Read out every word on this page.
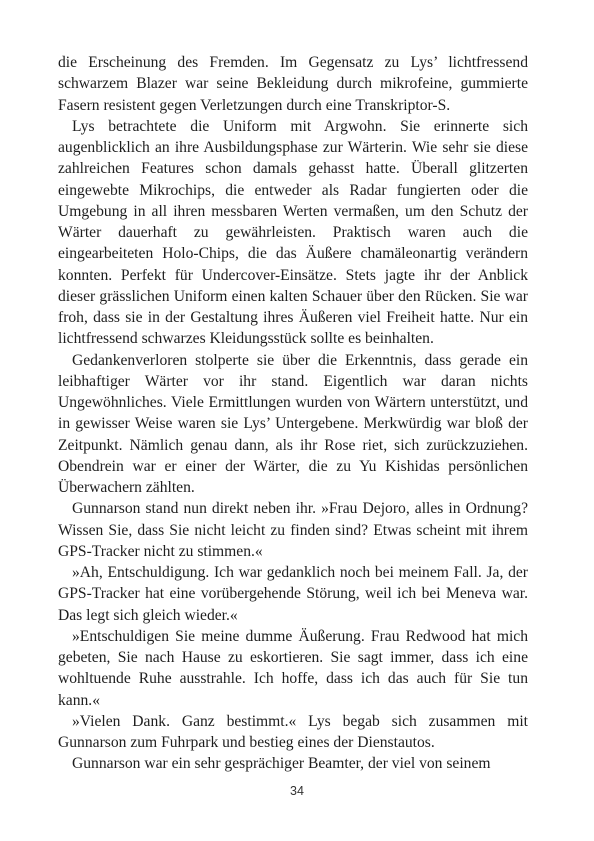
die Erscheinung des Fremden. Im Gegensatz zu Lys’ lichtfressend schwarzem Blazer war seine Bekleidung durch mikrofeine, gummierte Fasern resistent gegen Verletzungen durch eine Transkriptor-S.

Lys betrachtete die Uniform mit Argwohn. Sie erinnerte sich augenblicklich an ihre Ausbildungsphase zur Wärterin. Wie sehr sie diese zahlreichen Features schon damals gehasst hatte. Überall glitzerten eingewebte Mikrochips, die entweder als Radar fungierten oder die Umgebung in all ihren messbaren Werten vermaßen, um den Schutz der Wärter dauerhaft zu gewährleisten. Praktisch waren auch die eingearbeiteten Holo-Chips, die das Äußere chamäleonartig verändern konnten. Perfekt für Undercover-Einsätze. Stets jagte ihr der Anblick dieser grässlichen Uniform einen kalten Schauer über den Rücken. Sie war froh, dass sie in der Gestaltung ihres Äußeren viel Freiheit hatte. Nur ein lichtfressend schwarzes Kleidungsstück sollte es beinhalten.

Gedankenverloren stolperte sie über die Erkenntnis, dass gerade ein leibhaftiger Wärter vor ihr stand. Eigentlich war daran nichts Ungewöhnliches. Viele Ermittlungen wurden von Wärtern unterstützt, und in gewisser Weise waren sie Lys’ Untergebene. Merkwürdig war bloß der Zeitpunkt. Nämlich genau dann, als ihr Rose riet, sich zurückzuziehen. Obendrein war er einer der Wärter, die zu Yu Kishidas persönlichen Überwachern zählten.

Gunnarson stand nun direkt neben ihr. »Frau Dejoro, alles in Ordnung? Wissen Sie, dass Sie nicht leicht zu finden sind? Etwas scheint mit ihrem GPS-Tracker nicht zu stimmen.«

»Ah, Entschuldigung. Ich war gedanklich noch bei meinem Fall. Ja, der GPS-Tracker hat eine vorübergehende Störung, weil ich bei Meneva war. Das legt sich gleich wieder.«

»Entschuldigen Sie meine dumme Äußerung. Frau Redwood hat mich gebeten, Sie nach Hause zu eskortieren. Sie sagt immer, dass ich eine wohltuende Ruhe ausstrahle. Ich hoffe, dass ich das auch für Sie tun kann.«

»Vielen Dank. Ganz bestimmt.« Lys begab sich zusammen mit Gunnarson zum Fuhrpark und bestieg eines der Dienstautos.

Gunnarson war ein sehr gesprächiger Beamter, der viel von seinem

34
